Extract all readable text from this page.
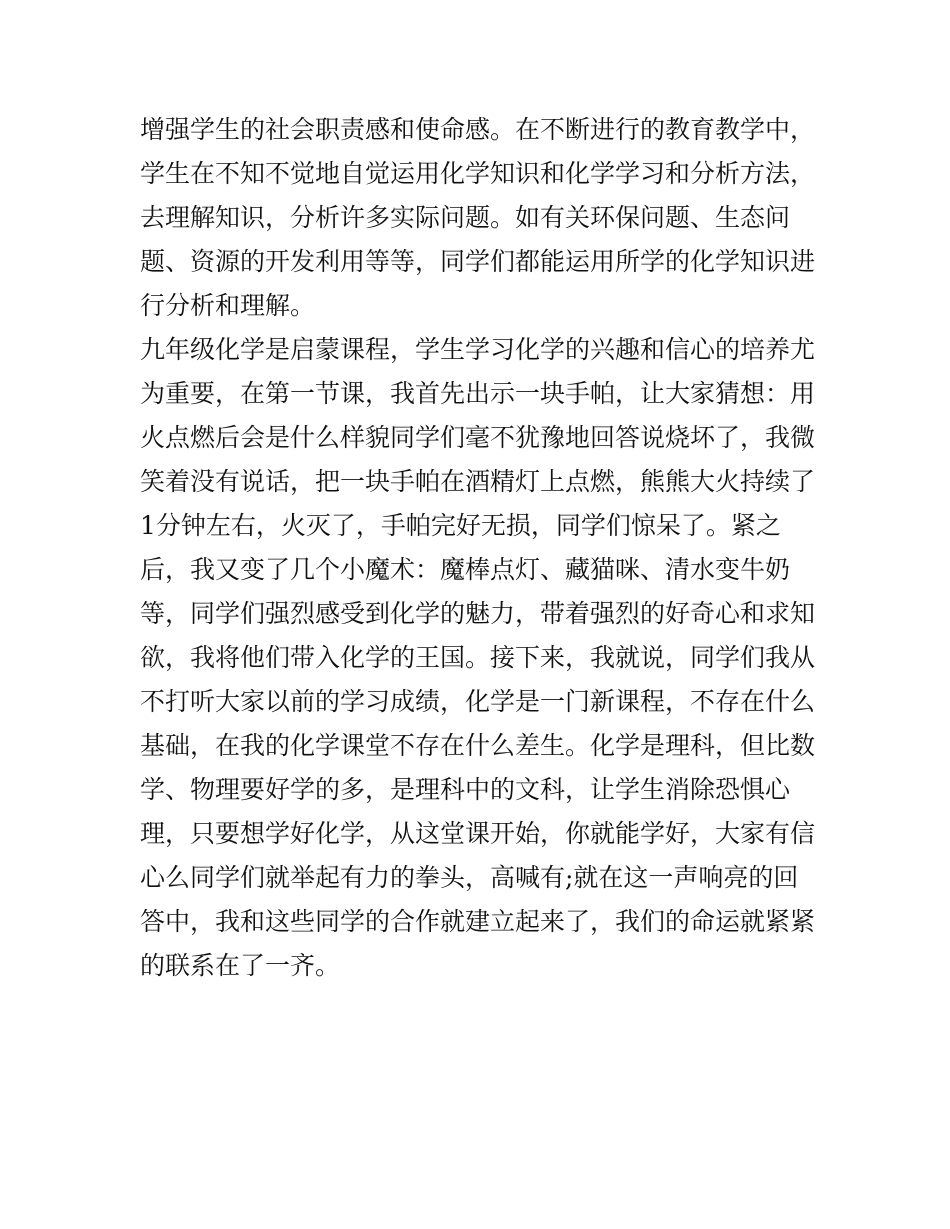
增强学生的社会职责感和使命感。在不断进行的教育教学中，
学生在不知不觉地自觉运用化学知识和化学学习和分析方法，
去理解知识，分析许多实际问题。如有关环保问题、生态问
题、资源的开发利用等等，同学们都能运用所学的化学知识进
行分析和理解。
九年级化学是启蒙课程，学生学习化学的兴趣和信心的培养尤
为重要，在第一节课，我首先出示一块手帕，让大家猜想：用
火点燃后会是什么样貌同学们毫不犹豫地回答说烧坏了，我微
笑着没有说话，把一块手帕在酒精灯上点燃，熊熊大火持续了
1分钟左右，火灭了，手帕完好无损，同学们惊呆了。紧之
后，我又变了几个小魔术：魔棒点灯、藏猫咪、清水变牛奶
等，同学们强烈感受到化学的魅力，带着强烈的好奇心和求知
欲，我将他们带入化学的王国。接下来，我就说，同学们我从
不打听大家以前的学习成绩，化学是一门新课程，不存在什么
基础，在我的化学课堂不存在什么差生。化学是理科，但比数
学、物理要好学的多，是理科中的文科，让学生消除恐惧心
理，只要想学好化学，从这堂课开始，你就能学好，大家有信
心么同学们就举起有力的拳头，高喊有;就在这一声响亮的回
答中，我和这些同学的合作就建立起来了，我们的命运就紧紧
的联系在了一齐。
